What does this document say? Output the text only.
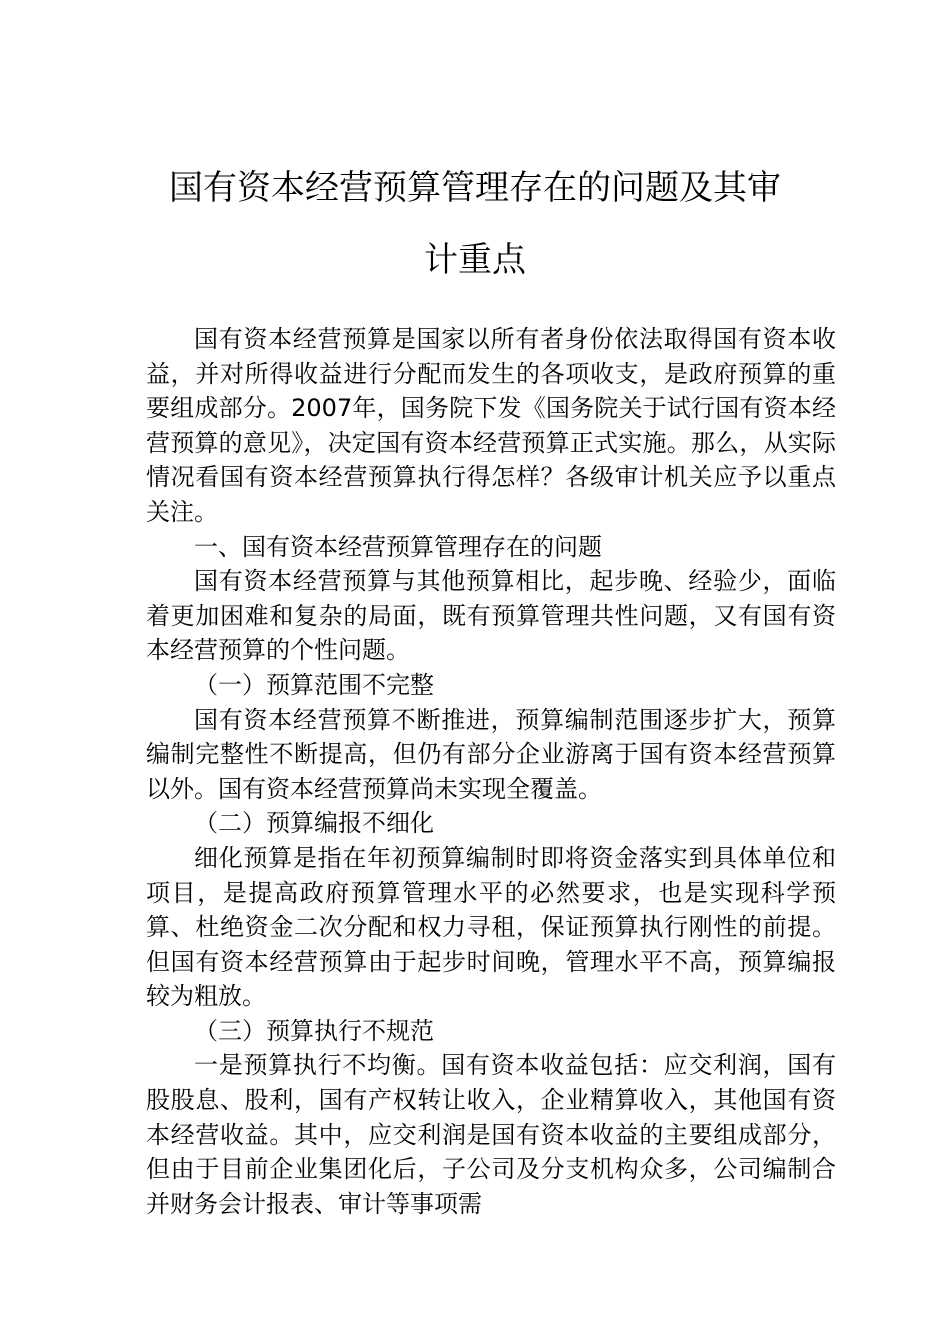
国有资本经营预算管理存在的问题及其审
计重点

国有资本经营预算是国家以所有者身份依法取得国有资本收益，并对所得收益进行分配而发生的各项收支，是政府预算的重要组成部分。2007年，国务院下发《国务院关于试行国有资本经营预算的意见》，决定国有资本经营预算正式实施。那么，从实际情况看国有资本经营预算执行得怎样？各级审计机关应予以重点关注。

一、国有资本经营预算管理存在的问题

国有资本经营预算与其他预算相比，起步晚、经验少，面临着更加困难和复杂的局面，既有预算管理共性问题，又有国有资本经营预算的个性问题。

（一）预算范围不完整

国有资本经营预算不断推进，预算编制范围逐步扩大，预算编制完整性不断提高，但仍有部分企业游离于国有资本经营预算以外。国有资本经营预算尚未实现全覆盖。

（二）预算编报不细化

细化预算是指在年初预算编制时即将资金落实到具体单位和项目，是提高政府预算管理水平的必然要求，也是实现科学预算、杜绝资金二次分配和权力寻租，保证预算执行刚性的前提。但国有资本经营预算由于起步时间晚，管理水平不高，预算编报较为粗放。

（三）预算执行不规范

一是预算执行不均衡。国有资本收益包括：应交利润，国有股股息、股利，国有产权转让收入，企业精算收入，其他国有资本经营收益。其中，应交利润是国有资本收益的主要组成部分，但由于目前企业集团化后，子公司及分支机构众多，公司编制合并财务会计报表、审计等事项需
